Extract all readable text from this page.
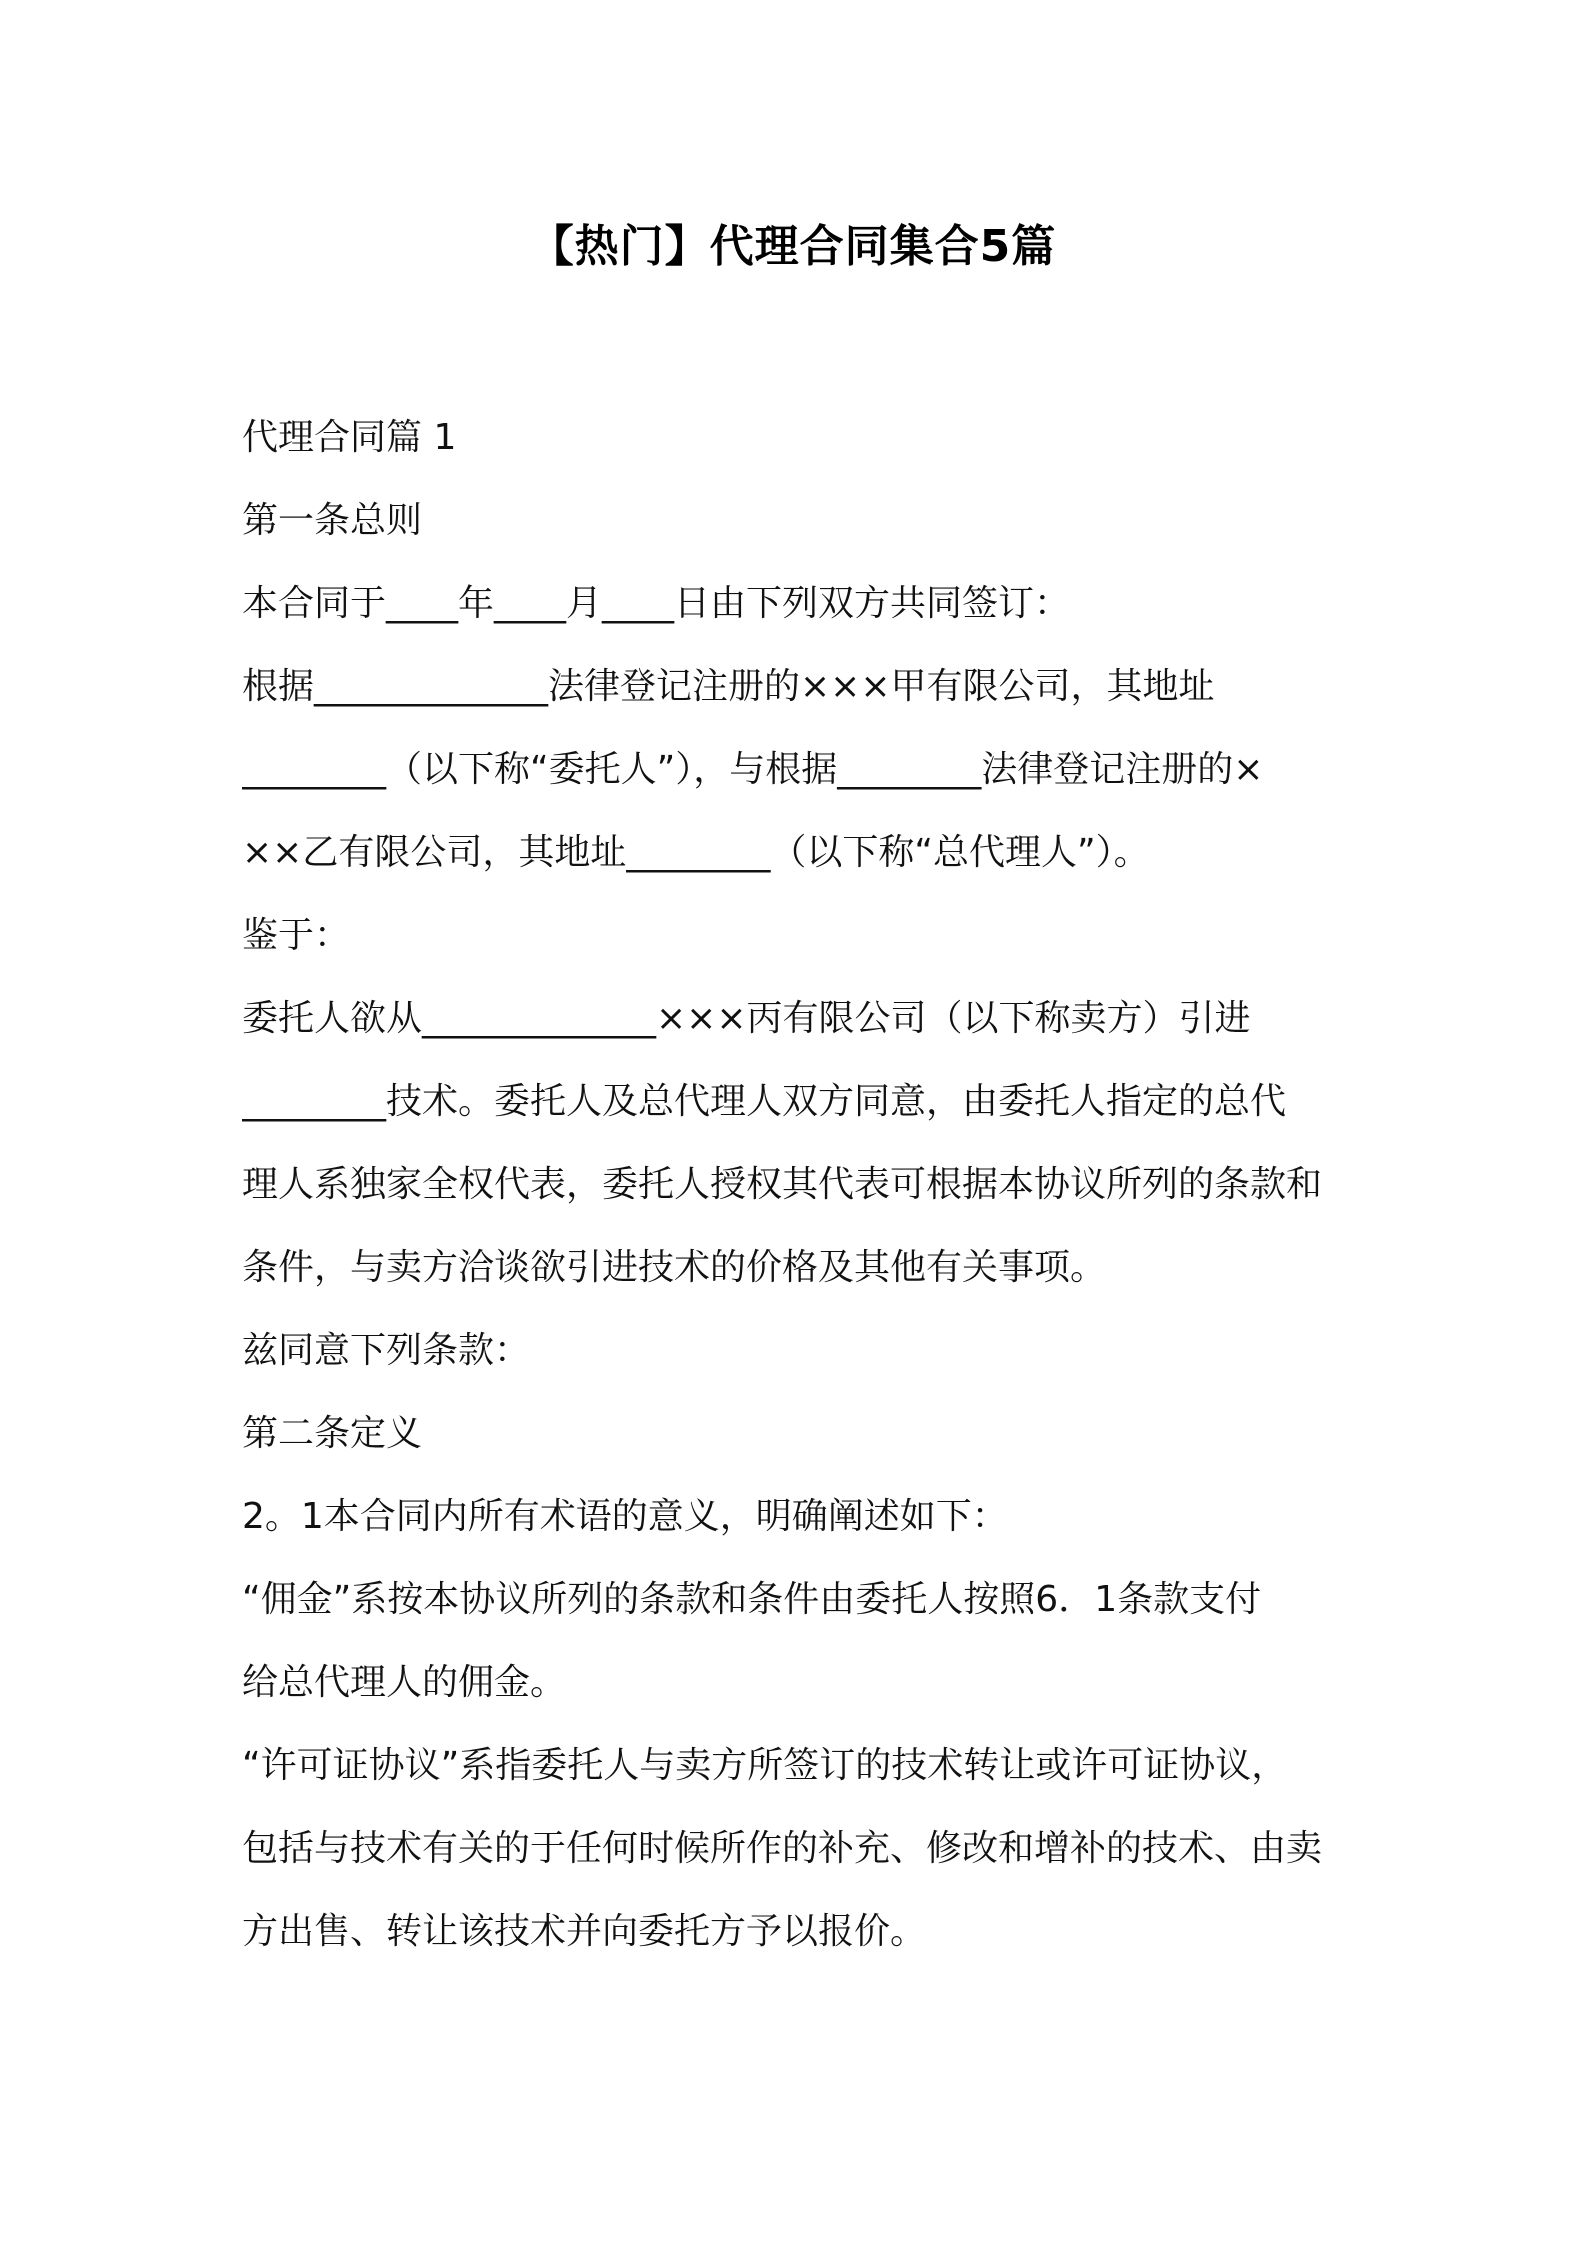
【热门】代理合同集合5篇
代理合同篇 1
第一条总则
本合同于____年____月____日由下列双方共同签订：
根据_____________法律登记注册的×××甲有限公司，其地址
________（以下称“委托人”），与根据________法律登记注册的×
××乙有限公司，其地址________（以下称“总代理人”）。
鉴于：
委托人欲从_____________×××丙有限公司（以下称卖方）引进
________技术。委托人及总代理人双方同意，由委托人指定的总代
理人系独家全权代表，委托人授权其代表可根据本协议所列的条款和
条件，与卖方洽谈欲引进技术的价格及其他有关事项。
兹同意下列条款：
第二条定义
2。1本合同内所有术语的意义，明确阐述如下：
“佣金”系按本协议所列的条款和条件由委托人按照6．1条款支付
给总代理人的佣金。
“许可证协议”系指委托人与卖方所签订的技术转让或许可证协议，
包括与技术有关的于任何时候所作的补充、修改和增补的技术、由卖
方出售、转让该技术并向委托方予以报价。
